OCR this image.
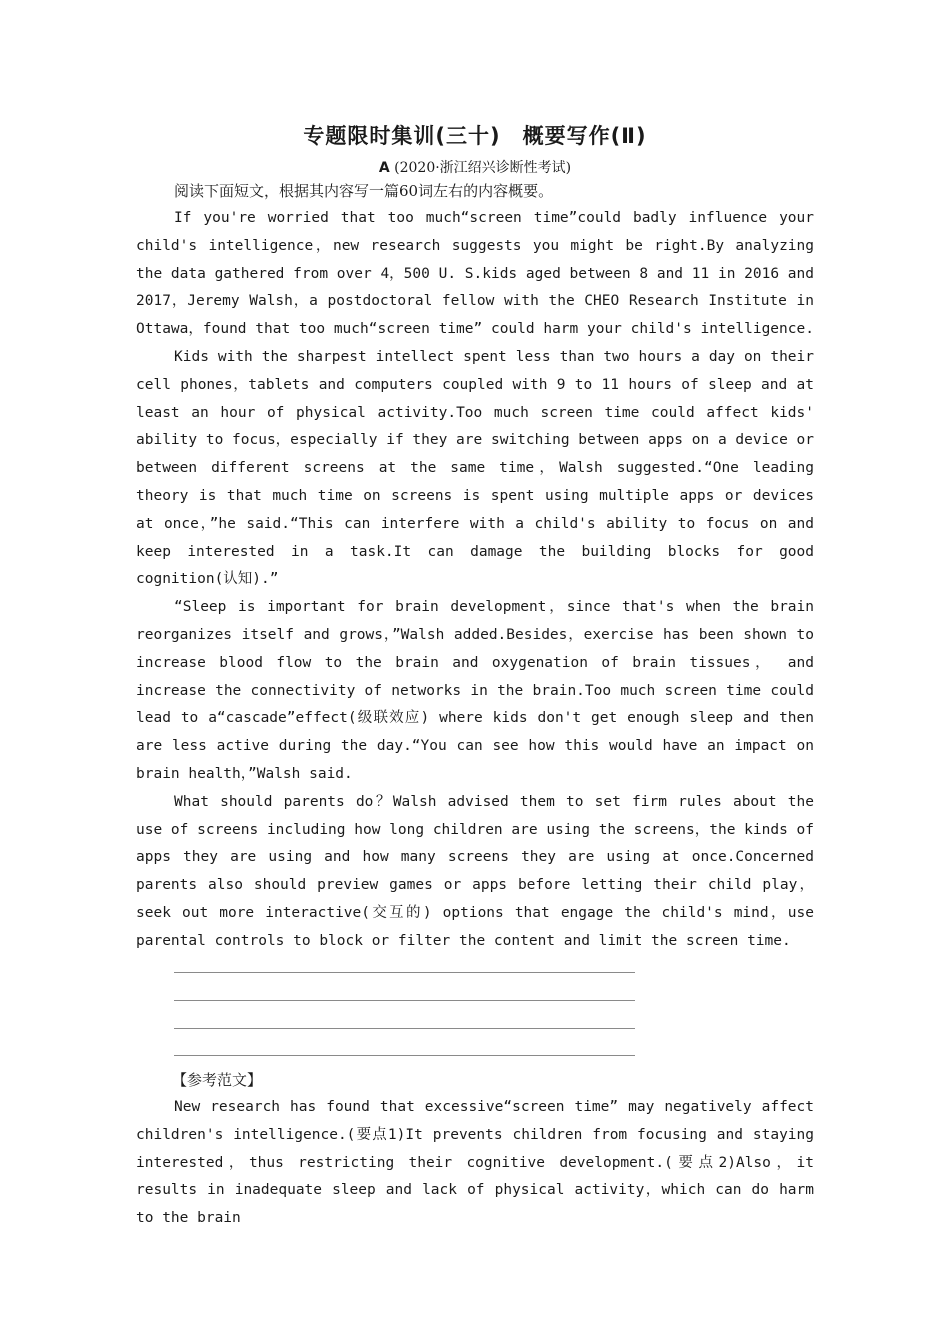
专题限时集训(三十)　概要写作(Ⅱ)
A (2020·浙江绍兴诊断性考试)
阅读下面短文，根据其内容写一篇60词左右的内容概要。

If you're worried that too much“screen time”could badly influence your child's intelligence，new research suggests you might be right.By analyzing the data gathered from over 4，500 U. S.kids aged between 8 and 11 in 2016 and 2017，Jeremy Walsh，a postdoctoral fellow with the CHEO Research Institute in Ottawa，found that too much“screen time” could harm your child's intelligence.

Kids with the sharpest intellect spent less than two hours a day on their cell phones，tablets and computers coupled with 9 to 11 hours of sleep and at least an hour of physical activity.Too much screen time could affect kids' ability to focus，especially if they are switching between apps on a device or between different screens at the same time，Walsh suggested.“One leading theory is that much time on screens is spent using multiple apps or devices at once，”he said.“This can interfere with a child's ability to focus on and keep interested in a task.It can damage the building blocks for good cognition(认知).”

“Sleep is important for brain development，since that's when the brain reorganizes itself and grows，”Walsh added.Besides，exercise has been shown to increase blood flow to the brain and oxygenation of brain tissues， and increase the connectivity of networks in the brain.Too much screen time could lead to a“cascade”effect(级联效应) where kids don't get enough sleep and then are less active during the day.“You can see how this would have an impact on brain health，”Walsh said.

What should parents do？Walsh advised them to set firm rules about the use of screens including how long children are using the screens，the kinds of apps they are using and how many screens they are using at once.Concerned parents also should preview games or apps before letting their child play，seek out more interactive(交互的) options that engage the child's mind，use parental controls to block or filter the content and limit the screen time.

【参考范文】

New research has found that excessive“screen time” may negatively affect children's intelligence.(要点1)It prevents children from focusing and staying interested，thus restricting their cognitive development.(要点2)Also，it results in inadequate sleep and lack of physical activity，which can do harm to the brain
